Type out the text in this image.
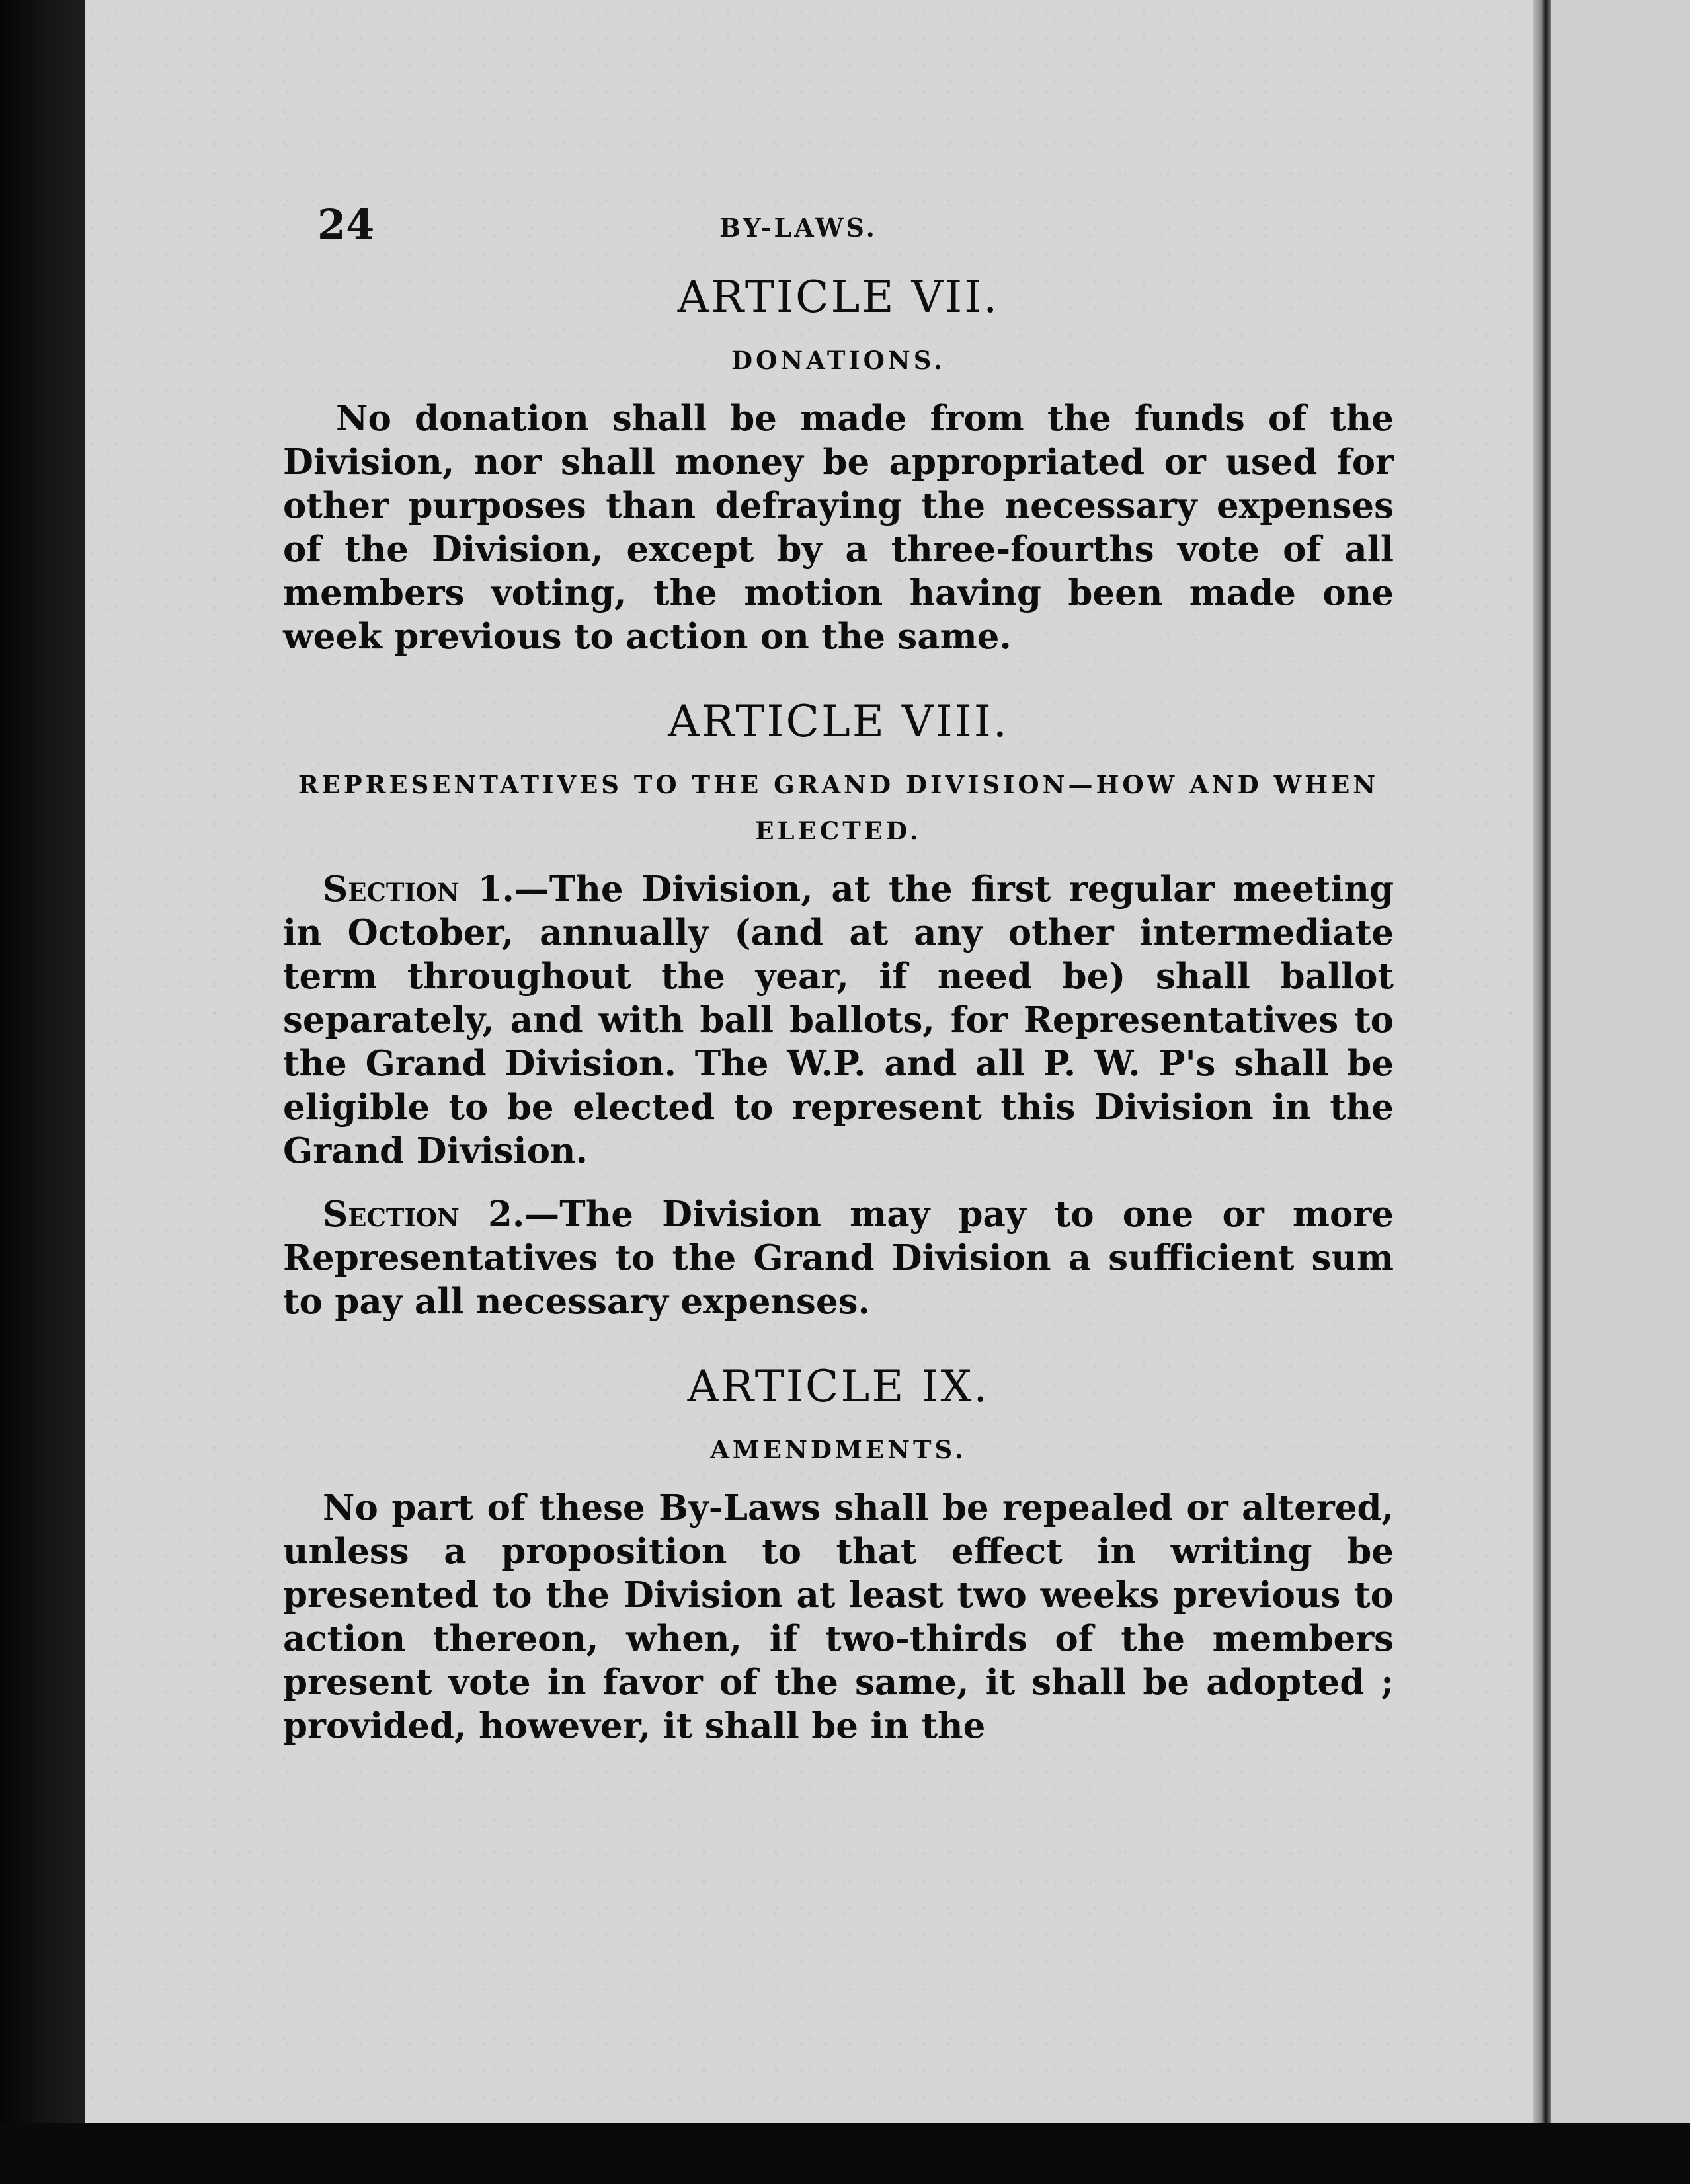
24	BY-LAWS.

ARTICLE VII.
DONATIONS.

No donation shall be made from the funds of the Division, nor shall money be appropriated or used for other purposes than defraying the necessary expenses of the Division, except by a three-fourths vote of all members voting, the motion having been made one week previous to action on the same.

ARTICLE VIII.
REPRESENTATIVES TO THE GRAND DIVISION—HOW AND WHEN ELECTED.

Section 1.—The Division, at the first regular meeting in October, annually (and at any other intermediate term throughout the year, if need be) shall ballot separately, and with ball ballots, for Representatives to the Grand Division. The W.P. and all P. W. P's shall be eligible to be elected to represent this Division in the Grand Division.

Section 2.—The Division may pay to one or more Representatives to the Grand Division a sufficient sum to pay all necessary expenses.

ARTICLE IX.
AMENDMENTS.

No part of these By-Laws shall be repealed or altered, unless a proposition to that effect in writing be presented to the Division at least two weeks previous to action thereon, when, if two-thirds of the members present vote in favor of the same, it shall be adopted ; provided, however, it shall be in the
